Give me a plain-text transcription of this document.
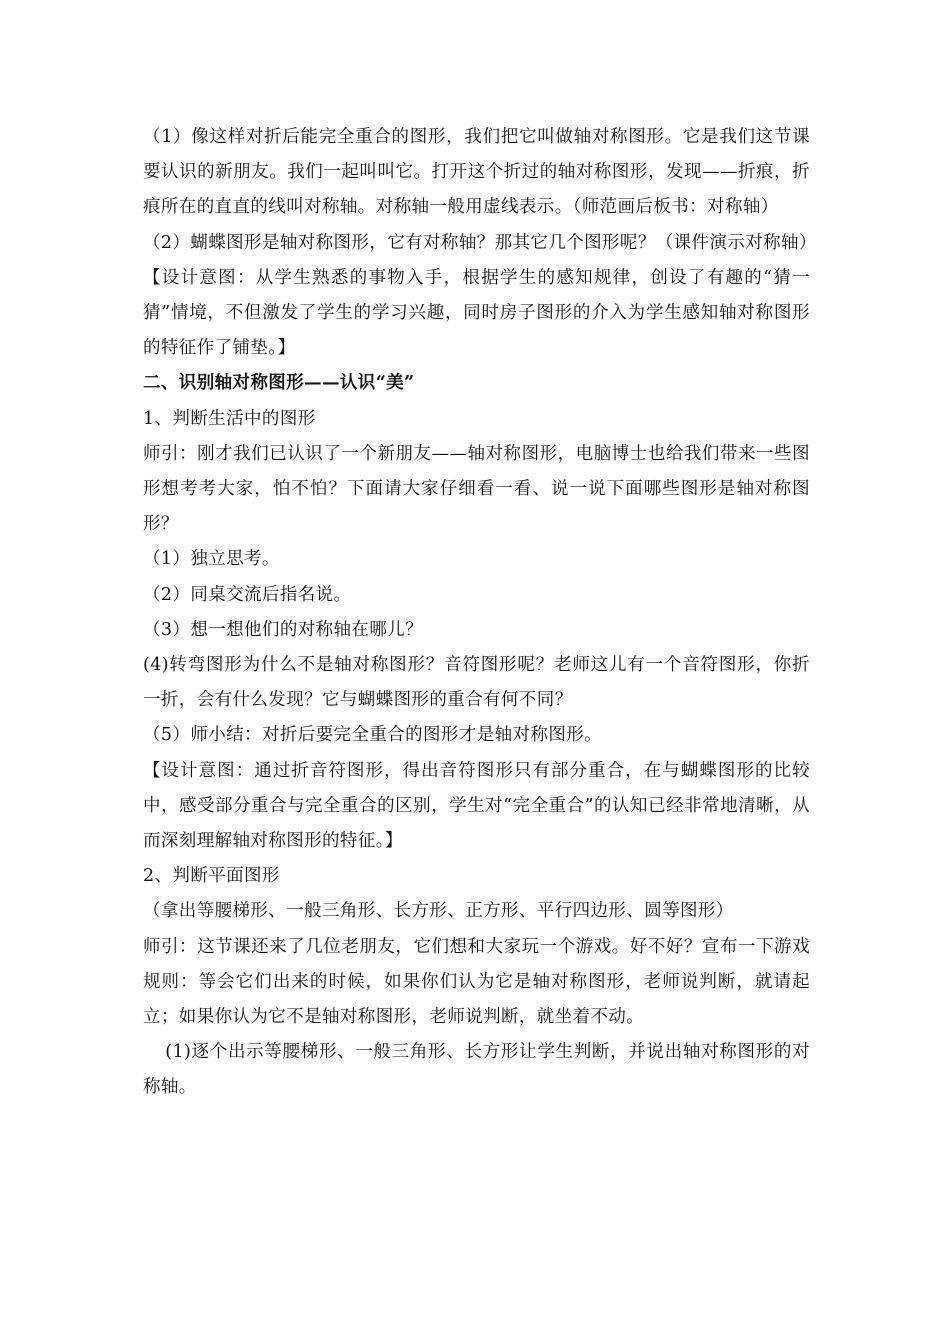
（1）像这样对折后能完全重合的图形，我们把它叫做轴对称图形。它是我们这节课要认识的新朋友。我们一起叫叫它。打开这个折过的轴对称图形，发现——折痕，折痕所在的直直的线叫对称轴。对称轴一般用虚线表示。（师范画后板书：对称轴）

（2）蝴蝶图形是轴对称图形，它有对称轴？那其它几个图形呢？（课件演示对称轴）

【设计意图：从学生熟悉的事物入手，根据学生的感知规律，创设了有趣的“猜一猜”情境，不但激发了学生的学习兴趣，同时房子图形的介入为学生感知轴对称图形的特征作了铺垫。】

二、识别轴对称图形——认识“美”

1、判断生活中的图形

师引：刚才我们已认识了一个新朋友——轴对称图形，电脑博士也给我们带来一些图形想考考大家，怕不怕？下面请大家仔细看一看、说一说下面哪些图形是轴对称图形？

（1）独立思考。

（2）同桌交流后指名说。

（3）想一想他们的对称轴在哪儿？

(4)转弯图形为什么不是轴对称图形？音符图形呢？老师这儿有一个音符图形，你折一折，会有什么发现？它与蝴蝶图形的重合有何不同？

（5）师小结：对折后要完全重合的图形才是轴对称图形。

【设计意图：通过折音符图形，得出音符图形只有部分重合，在与蝴蝶图形的比较中，感受部分重合与完全重合的区别，学生对“完全重合”的认知已经非常地清晰，从而深刻理解轴对称图形的特征。】

2、判断平面图形

（拿出等腰梯形、一般三角形、长方形、正方形、平行四边形、圆等图形）

师引：这节课还来了几位老朋友，它们想和大家玩一个游戏。好不好？宣布一下游戏规则：等会它们出来的时候，如果你们认为它是轴对称图形，老师说判断，就请起立；如果你认为它不是轴对称图形，老师说判断，就坐着不动。

(1)逐个出示等腰梯形、一般三角形、长方形让学生判断，并说出轴对称图形的对称轴。
